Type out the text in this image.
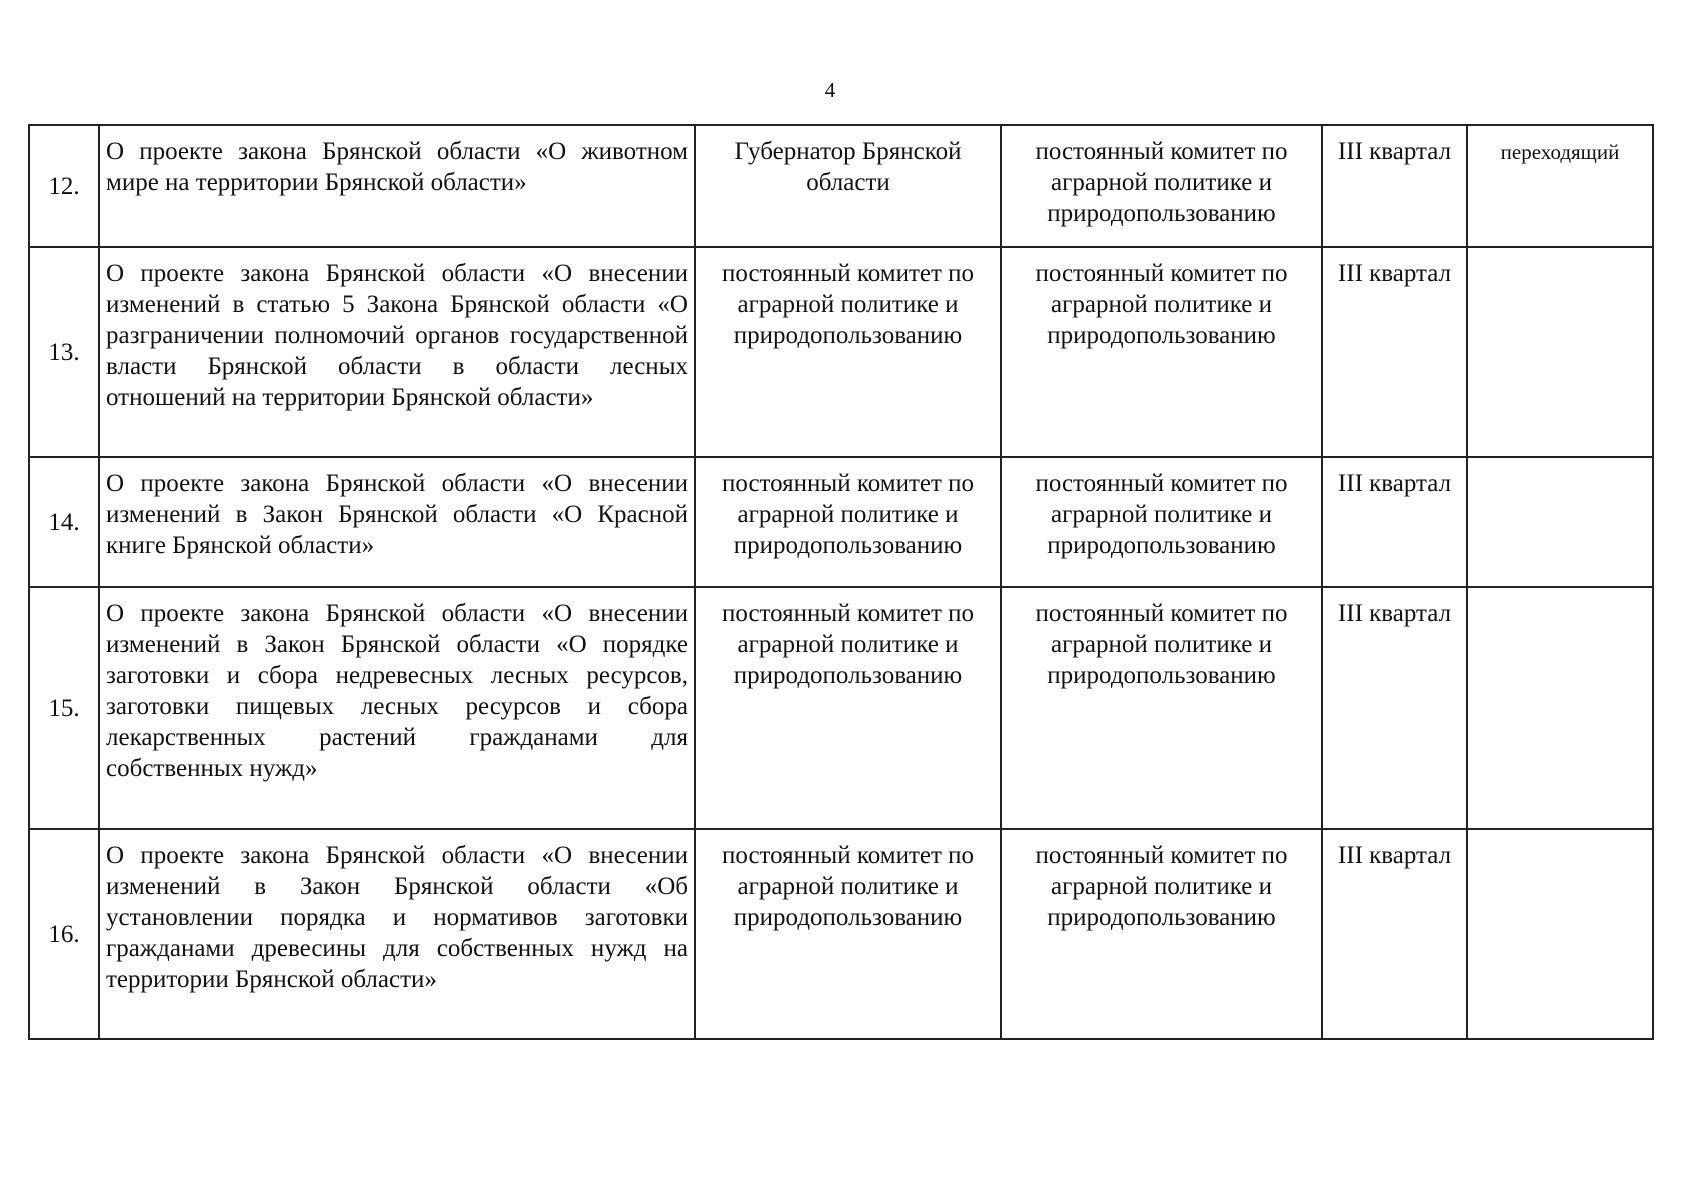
4
12.	О проекте закона Брянской области «О животном мире на территории Брянской области»	Губернатор Брянской области	постоянный комитет по аграрной политике и природопользованию	III квартал	переходящий
13.	О проекте закона Брянской области «О внесении изменений в статью 5 Закона Брянской области «О разграничении полномочий органов государственной власти Брянской области в области лесных отношений на территории Брянской области»	постоянный комитет по аграрной политике и природопользованию	постоянный комитет по аграрной политике и природопользованию	III квартал	
14.	О проекте закона Брянской области «О внесении изменений в Закон Брянской области «О Красной книге Брянской области»	постоянный комитет по аграрной политике и природопользованию	постоянный комитет по аграрной политике и природопользованию	III квартал	
15.	О проекте закона Брянской области «О внесении изменений в Закон Брянской области «О порядке заготовки и сбора недревесных лесных ресурсов, заготовки пищевых лесных ресурсов и сбора лекарственных растений гражданами для собственных нужд»	постоянный комитет по аграрной политике и природопользованию	постоянный комитет по аграрной политике и природопользованию	III квартал	
16.	О проекте закона Брянской области «О внесении изменений в Закон Брянской области «Об установлении порядка и нормативов заготовки гражданами древесины для собственных нужд на территории Брянской области»	постоянный комитет по аграрной политике и природопользованию	постоянный комитет по аграрной политике и природопользованию	III квартал	
